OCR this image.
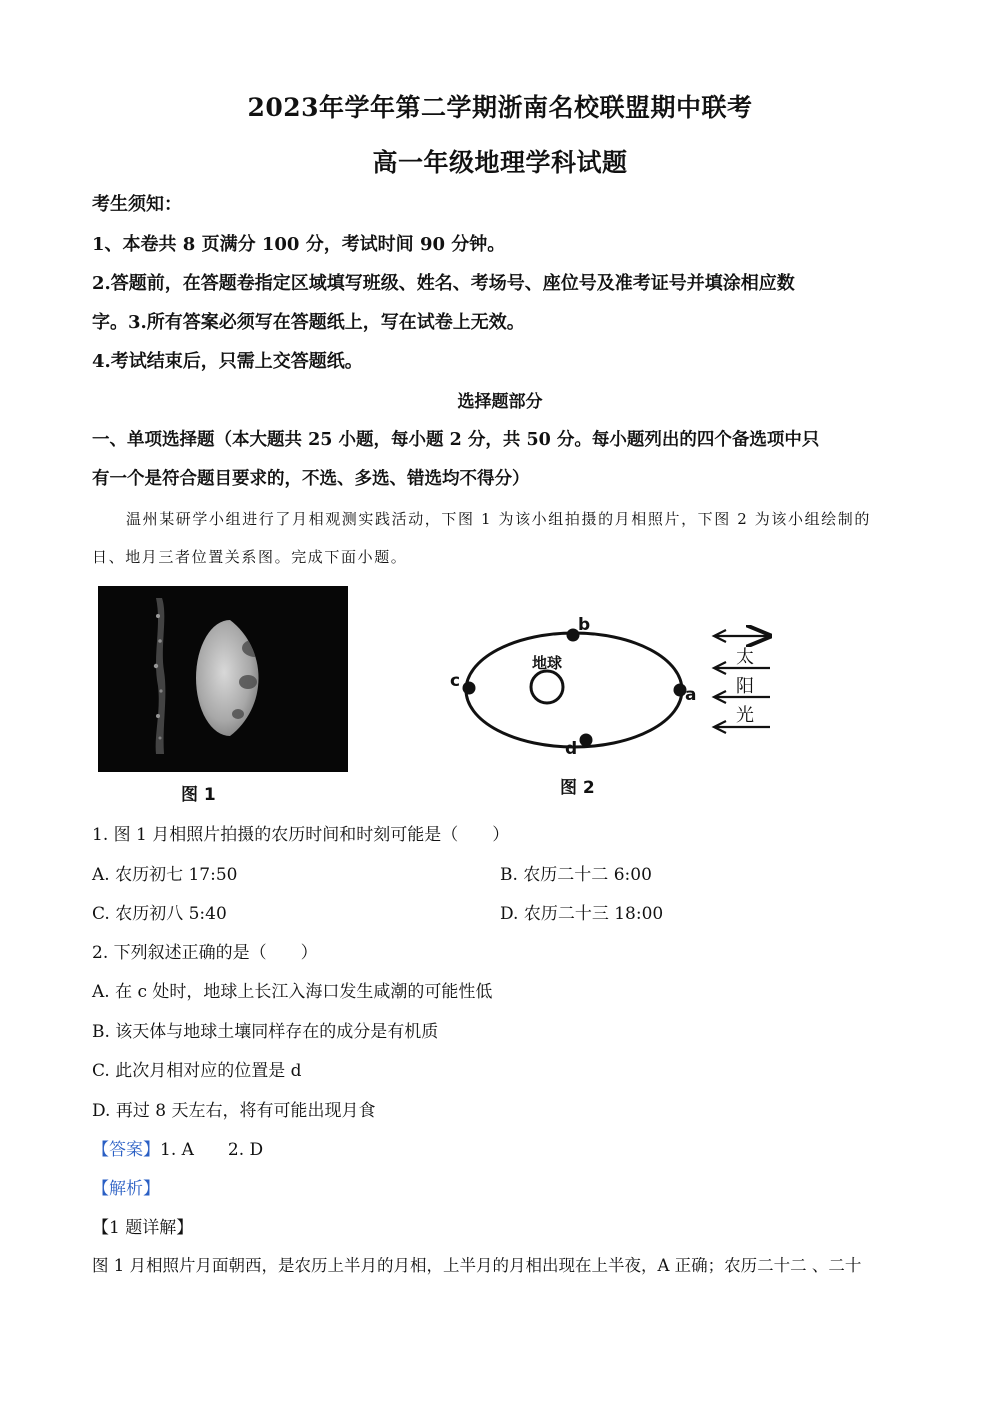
2023年学年第二学期浙南名校联盟期中联考
高一年级地理学科试题
考生须知：
1、本卷共 8 页满分 100 分，考试时间 90 分钟。
2.答题前，在答题卷指定区域填写班级、姓名、考场号、座位号及准考证号并填涂相应数
字。3.所有答案必须写在答题纸上，写在试卷上无效。
4.考试结束后，只需上交答题纸。
选择题部分
一、单项选择题（本大题共 25 小题，每小题 2 分，共 50 分。每小题列出的四个备选项中只
有一个是符合题目要求的，不选、多选、错选均不得分）
温州某研学小组进行了月相观测实践活动，下图 1 为该小组拍摄的月相照片，下图 2 为该小组绘制的
日、地月三者位置关系图。完成下面小题。
图 1
地球
a
b
c
d
太
阳
光
图 2
1. 图 1 月相照片拍摄的农历时间和时刻可能是（　　）
A. 农历初七 17:50	B. 农历二十二 6:00
C. 农历初八 5:40	D. 农历二十三 18:00
2. 下列叙述正确的是（　　）
A. 在 c 处时，地球上长江入海口发生咸潮的可能性低
B. 该天体与地球土壤同样存在的成分是有机质
C. 此次月相对应的位置是 d
D. 再过 8 天左右，将有可能出现月食
【答案】1. A　　2. D
【解析】
【1 题详解】
图 1 月相照片月面朝西，是农历上半月的月相，上半月的月相出现在上半夜，A 正确；农历二十二 、二十
